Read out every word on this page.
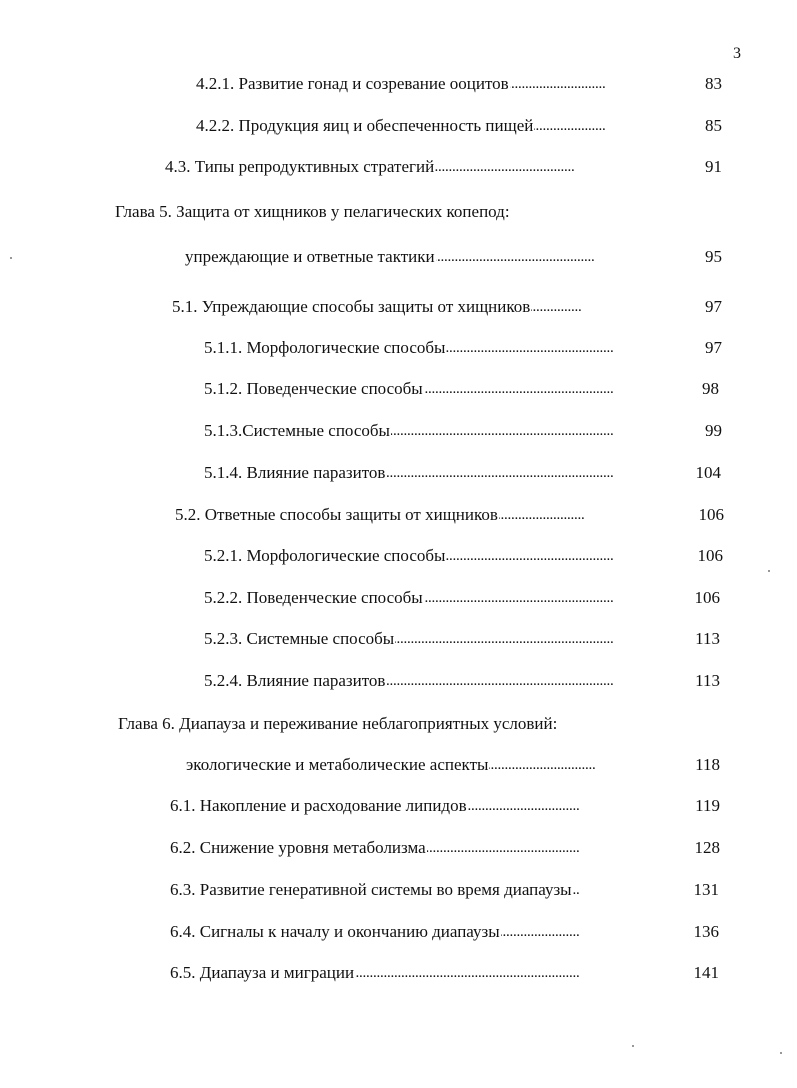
3
4.2.1. Развитие гонад и созревание ооцитов . . .	83
4.2.2. Продукция яиц и обеспеченность пищей . . .	85
4.3. Типы репродуктивных стратегий . . .	91
Глава 5. Защита от хищников у пелагических копепод:
упреждающие и ответные тактики . . .	95
5.1. Упреждающие способы защиты от хищников . . .	97
5.1.1. Морфологические способы . . .	97
5.1.2. Поведенческие способы . . .	98
5.1.3.Системные способы . . .	99
5.1.4. Влияние паразитов . . .	104
5.2. Ответные способы защиты от хищников . . .	106
5.2.1. Морфологические способы . . .	106
5.2.2. Поведенческие способы . . .	106
5.2.3. Системные способы . . .	113
5.2.4. Влияние паразитов . . .	113
Глава 6. Диапауза и переживание неблагоприятных условий:
экологические и метаболические аспекты . . .	118
6.1. Накопление и расходование липидов . . .	119
6.2. Снижение уровня метаболизма . . .	128
6.3. Развитие генеративной системы во время диапаузы . . .	131
6.4. Сигналы к началу и окончанию диапаузы . . .	136
6.5. Диапауза и миграции . . .	141
